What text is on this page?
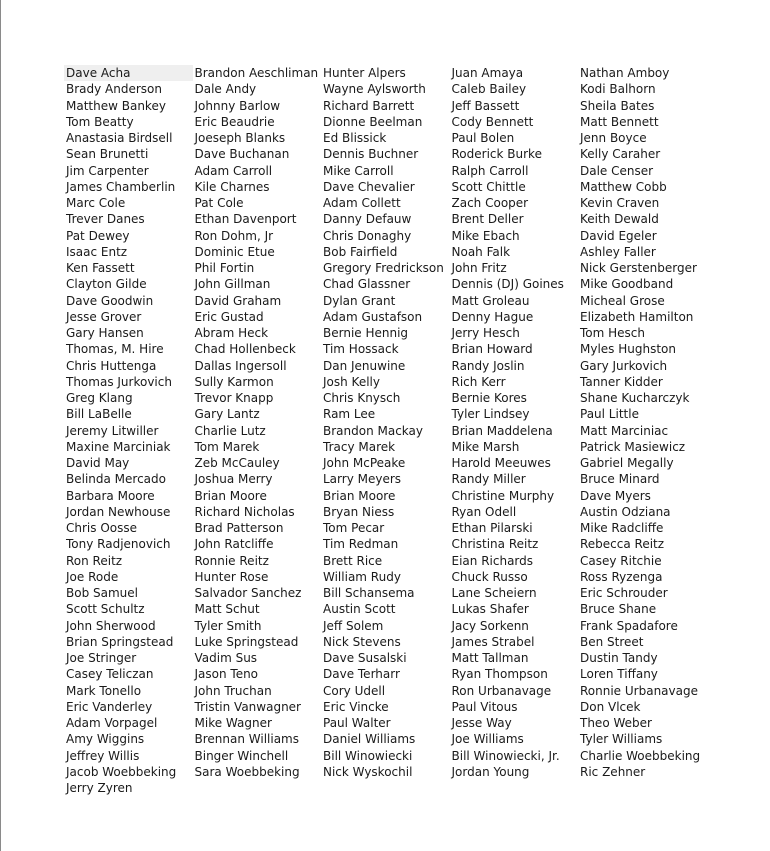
Dave Acha	Brandon Aeschliman	Hunter Alpers	Juan Amaya	Nathan Amboy
Brady Anderson	Dale Andy	Wayne Aylsworth	Caleb Bailey	Kodi Balhorn
Matthew Bankey	Johnny Barlow	Richard Barrett	Jeff Bassett	Sheila Bates
Tom Beatty	Eric Beaudrie	Dionne Beelman	Cody Bennett	Matt Bennett
Anastasia Birdsell	Joeseph Blanks	Ed Blissick	Paul Bolen	Jenn Boyce
Sean Brunetti	Dave Buchanan	Dennis Buchner	Roderick Burke	Kelly Caraher
Jim Carpenter	Adam Carroll	Mike Carroll	Ralph Carroll	Dale Censer
James Chamberlin	Kile Charnes	Dave Chevalier	Scott Chittle	Matthew Cobb
Marc Cole	Pat Cole	Adam Collett	Zach Cooper	Kevin Craven
Trever Danes	Ethan Davenport	Danny Defauw	Brent Deller	Keith Dewald
Pat Dewey	Ron Dohm, Jr	Chris Donaghy	Mike Ebach	David Egeler
Isaac Entz	Dominic Etue	Bob Fairfield	Noah Falk	Ashley Faller
Ken Fassett	Phil Fortin	Gregory Fredrickson	John Fritz	Nick Gerstenberger
Clayton Gilde	John Gillman	Chad Glassner	Dennis (DJ) Goines	Mike Goodband
Dave Goodwin	David Graham	Dylan Grant	Matt Groleau	Micheal Grose
Jesse Grover	Eric Gustad	Adam Gustafson	Denny Hague	Elizabeth Hamilton
Gary Hansen	Abram Heck	Bernie Hennig	Jerry Hesch	Tom Hesch
Thomas, M. Hire	Chad Hollenbeck	Tim Hossack	Brian Howard	Myles Hughston
Chris Huttenga	Dallas Ingersoll	Dan Jenuwine	Randy Joslin	Gary Jurkovich
Thomas Jurkovich	Sully Karmon	Josh Kelly	Rich Kerr	Tanner Kidder
Greg Klang	Trevor Knapp	Chris Knysch	Bernie Kores	Shane Kucharczyk
Bill LaBelle	Gary Lantz	Ram Lee	Tyler Lindsey	Paul Little
Jeremy Litwiller	Charlie Lutz	Brandon Mackay	Brian Maddelena	Matt Marciniac
Maxine Marciniak	Tom Marek	Tracy Marek	Mike Marsh	Patrick Masiewicz
David May	Zeb McCauley	John McPeake	Harold Meeuwes	Gabriel Megally
Belinda Mercado	Joshua Merry	Larry Meyers	Randy Miller	Bruce Minard
Barbara Moore	Brian Moore	Brian Moore	Christine Murphy	Dave Myers
Jordan Newhouse	Richard Nicholas	Bryan Niess	Ryan Odell	Austin Odziana
Chris Oosse	Brad Patterson	Tom Pecar	Ethan Pilarski	Mike Radcliffe
Tony Radjenovich	John Ratcliffe	Tim Redman	Christina Reitz	Rebecca Reitz
Ron Reitz	Ronnie Reitz	Brett Rice	Eian Richards	Casey Ritchie
Joe Rode	Hunter Rose	William Rudy	Chuck Russo	Ross Ryzenga
Bob Samuel	Salvador Sanchez	Bill Schansema	Lane Scheiern	Eric Schrouder
Scott Schultz	Matt Schut	Austin Scott	Lukas Shafer	Bruce Shane
John Sherwood	Tyler Smith	Jeff Solem	Jacy Sorkenn	Frank Spadafore
Brian Springstead	Luke Springstead	Nick Stevens	James Strabel	Ben Street
Joe Stringer	Vadim Sus	Dave Susalski	Matt Tallman	Dustin Tandy
Casey Teliczan	Jason Teno	Dave Terharr	Ryan Thompson	Loren Tiffany
Mark Tonello	John Truchan	Cory Udell	Ron Urbanavage	Ronnie Urbanavage
Eric Vanderley	Tristin Vanwagner	Eric Vincke	Paul Vitous	Don Vlcek
Adam Vorpagel	Mike Wagner	Paul Walter	Jesse Way	Theo Weber
Amy Wiggins	Brennan Williams	Daniel Williams	Joe Williams	Tyler Williams
Jeffrey Willis	Binger Winchell	Bill Winowiecki	Bill Winowiecki, Jr.	Charlie Woebbeking
Jacob Woebbeking	Sara Woebbeking	Nick Wyskochil	Jordan Young	Ric Zehner
Jerry Zyren				
